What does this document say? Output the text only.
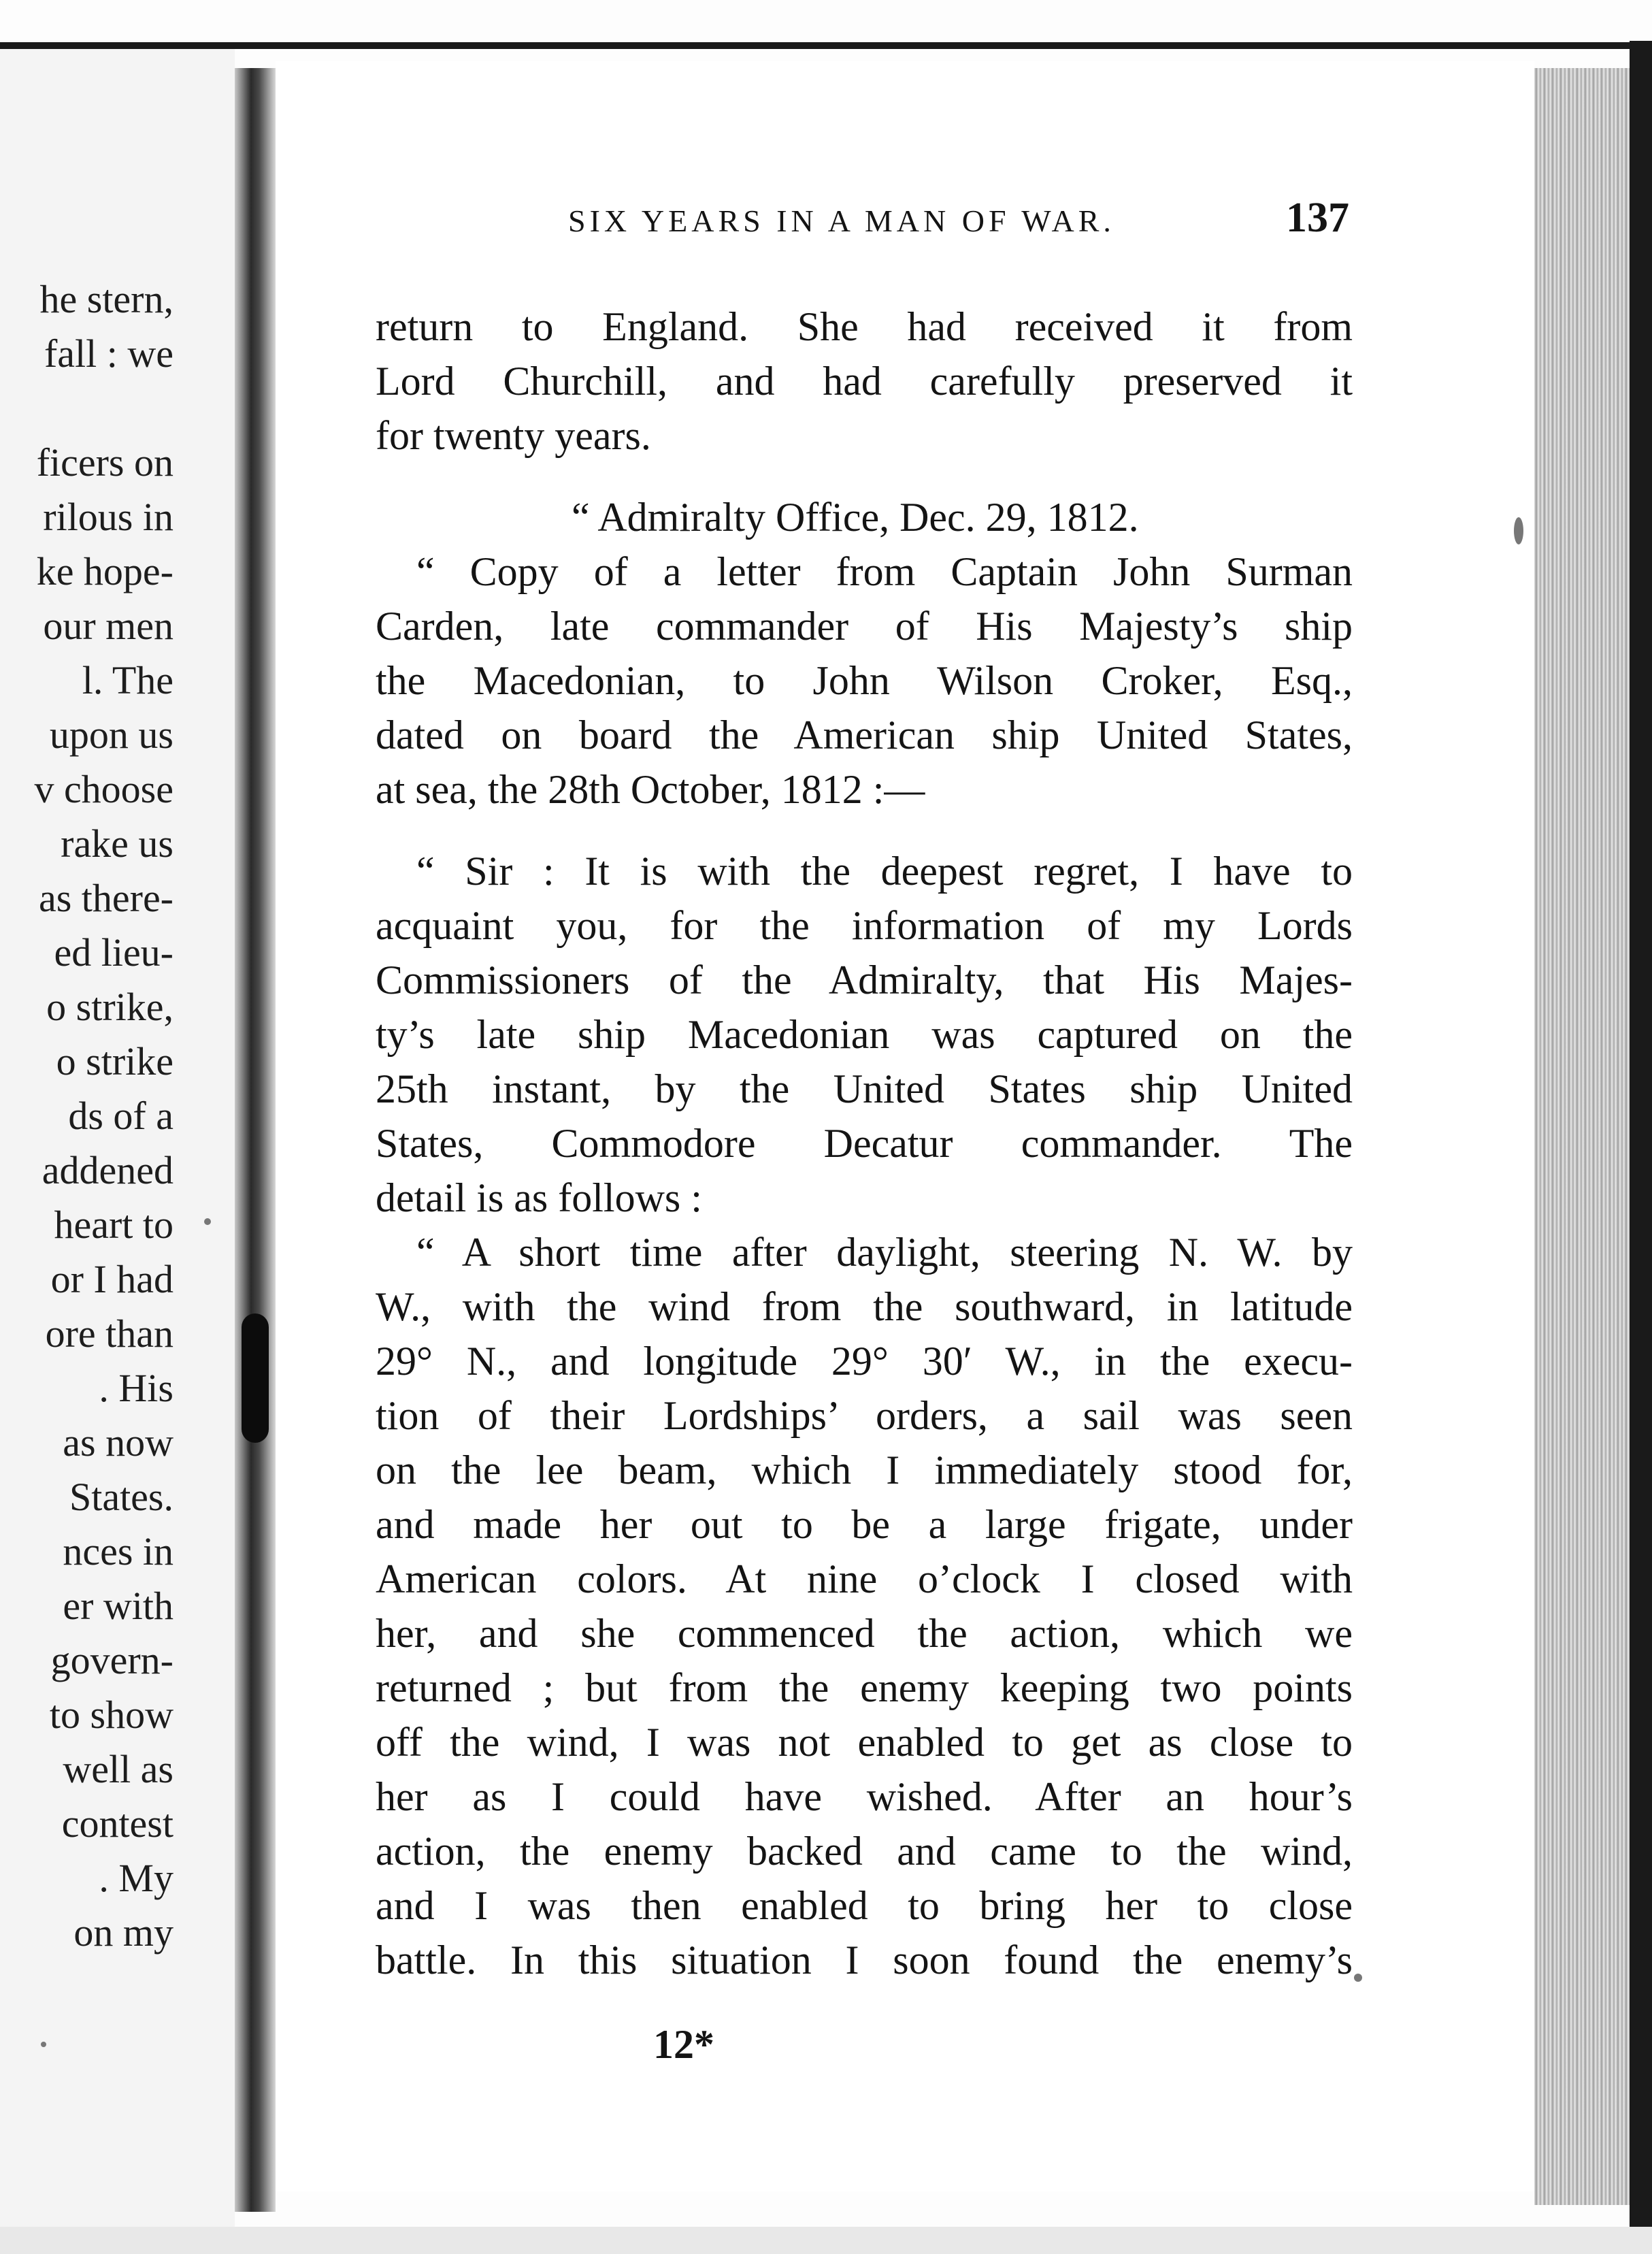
he stern,
fall : we
ficers on
rilous in
ke hope-
our men
l. The
upon us
v choose
rake us
as there-
ed lieu-
o strike,
o strike
ds of a
addened
heart to
or I had
ore than
. His
as now
States.
nces in
er with
govern-
to show
well as
contest
. My
on my
SIX YEARS IN A MAN OF WAR.	137
return to England. She had received it from
Lord Churchill, and had carefully preserved it
for twenty years.
“ Admiralty Office, Dec. 29, 1812.
“ Copy of a letter from Captain John Surman
Carden, late commander of His Majesty’s ship
the Macedonian, to John Wilson Croker, Esq.,
dated on board the American ship United States,
at sea, the 28th October, 1812 :—
“ Sir : It is with the deepest regret, I have to
acquaint you, for the information of my Lords
Commissioners of the Admiralty, that His Majes-
ty’s late ship Macedonian was captured on the
25th instant, by the United States ship United
States, Commodore Decatur commander. The
detail is as follows :
“ A short time after daylight, steering N. W. by
W., with the wind from the southward, in latitude
29° N., and longitude 29° 30′ W., in the execu-
tion of their Lordships’ orders, a sail was seen
on the lee beam, which I immediately stood for,
and made her out to be a large frigate, under
American colors. At nine o’clock I closed with
her, and she commenced the action, which we
returned ; but from the enemy keeping two points
off the wind, I was not enabled to get as close to
her as I could have wished. After an hour’s
action, the enemy backed and came to the wind,
and I was then enabled to bring her to close
battle. In this situation I soon found the enemy’s
12*
